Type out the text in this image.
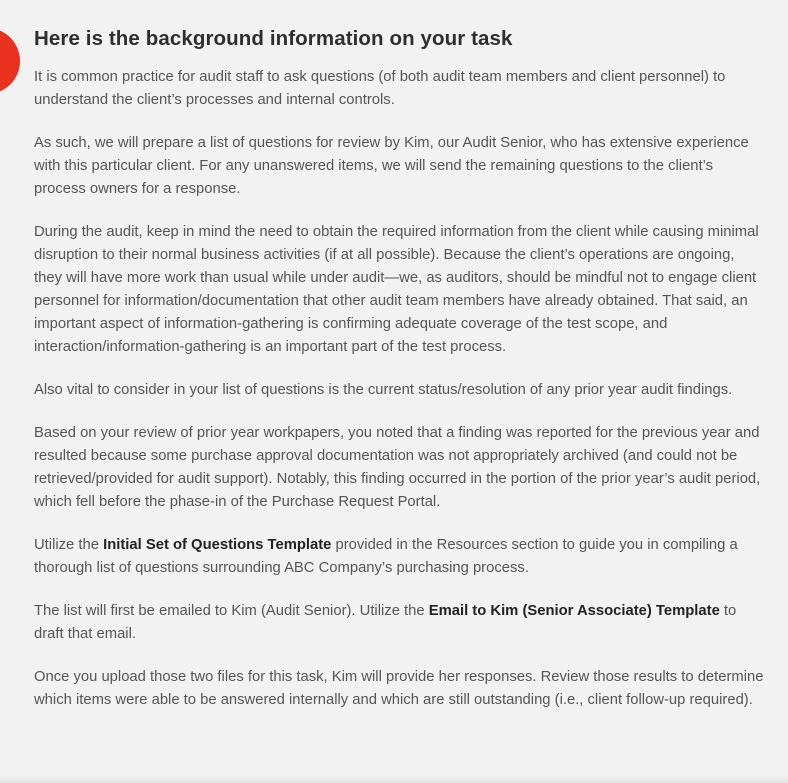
Here is the background information on your task

It is common practice for audit staff to ask questions (of both audit team members and client personnel) to understand the client’s processes and internal controls.

As such, we will prepare a list of questions for review by Kim, our Audit Senior, who has extensive experience with this particular client. For any unanswered items, we will send the remaining questions to the client’s process owners for a response.

During the audit, keep in mind the need to obtain the required information from the client while causing minimal disruption to their normal business activities (if at all possible). Because the client’s operations are ongoing, they will have more work than usual while under audit—we, as auditors, should be mindful not to engage client personnel for information/documentation that other audit team members have already obtained. That said, an important aspect of information-gathering is confirming adequate coverage of the test scope, and interaction/information-gathering is an important part of the test process.

Also vital to consider in your list of questions is the current status/resolution of any prior year audit findings.

Based on your review of prior year workpapers, you noted that a finding was reported for the previous year and resulted because some purchase approval documentation was not appropriately archived (and could not be retrieved/provided for audit support). Notably, this finding occurred in the portion of the prior year’s audit period, which fell before the phase-in of the Purchase Request Portal.

Utilize the Initial Set of Questions Template provided in the Resources section to guide you in compiling a thorough list of questions surrounding ABC Company’s purchasing process.

The list will first be emailed to Kim (Audit Senior). Utilize the Email to Kim (Senior Associate) Template to draft that email.

Once you upload those two files for this task, Kim will provide her responses. Review those results to determine which items were able to be answered internally and which are still outstanding (i.e., client follow-up required).
